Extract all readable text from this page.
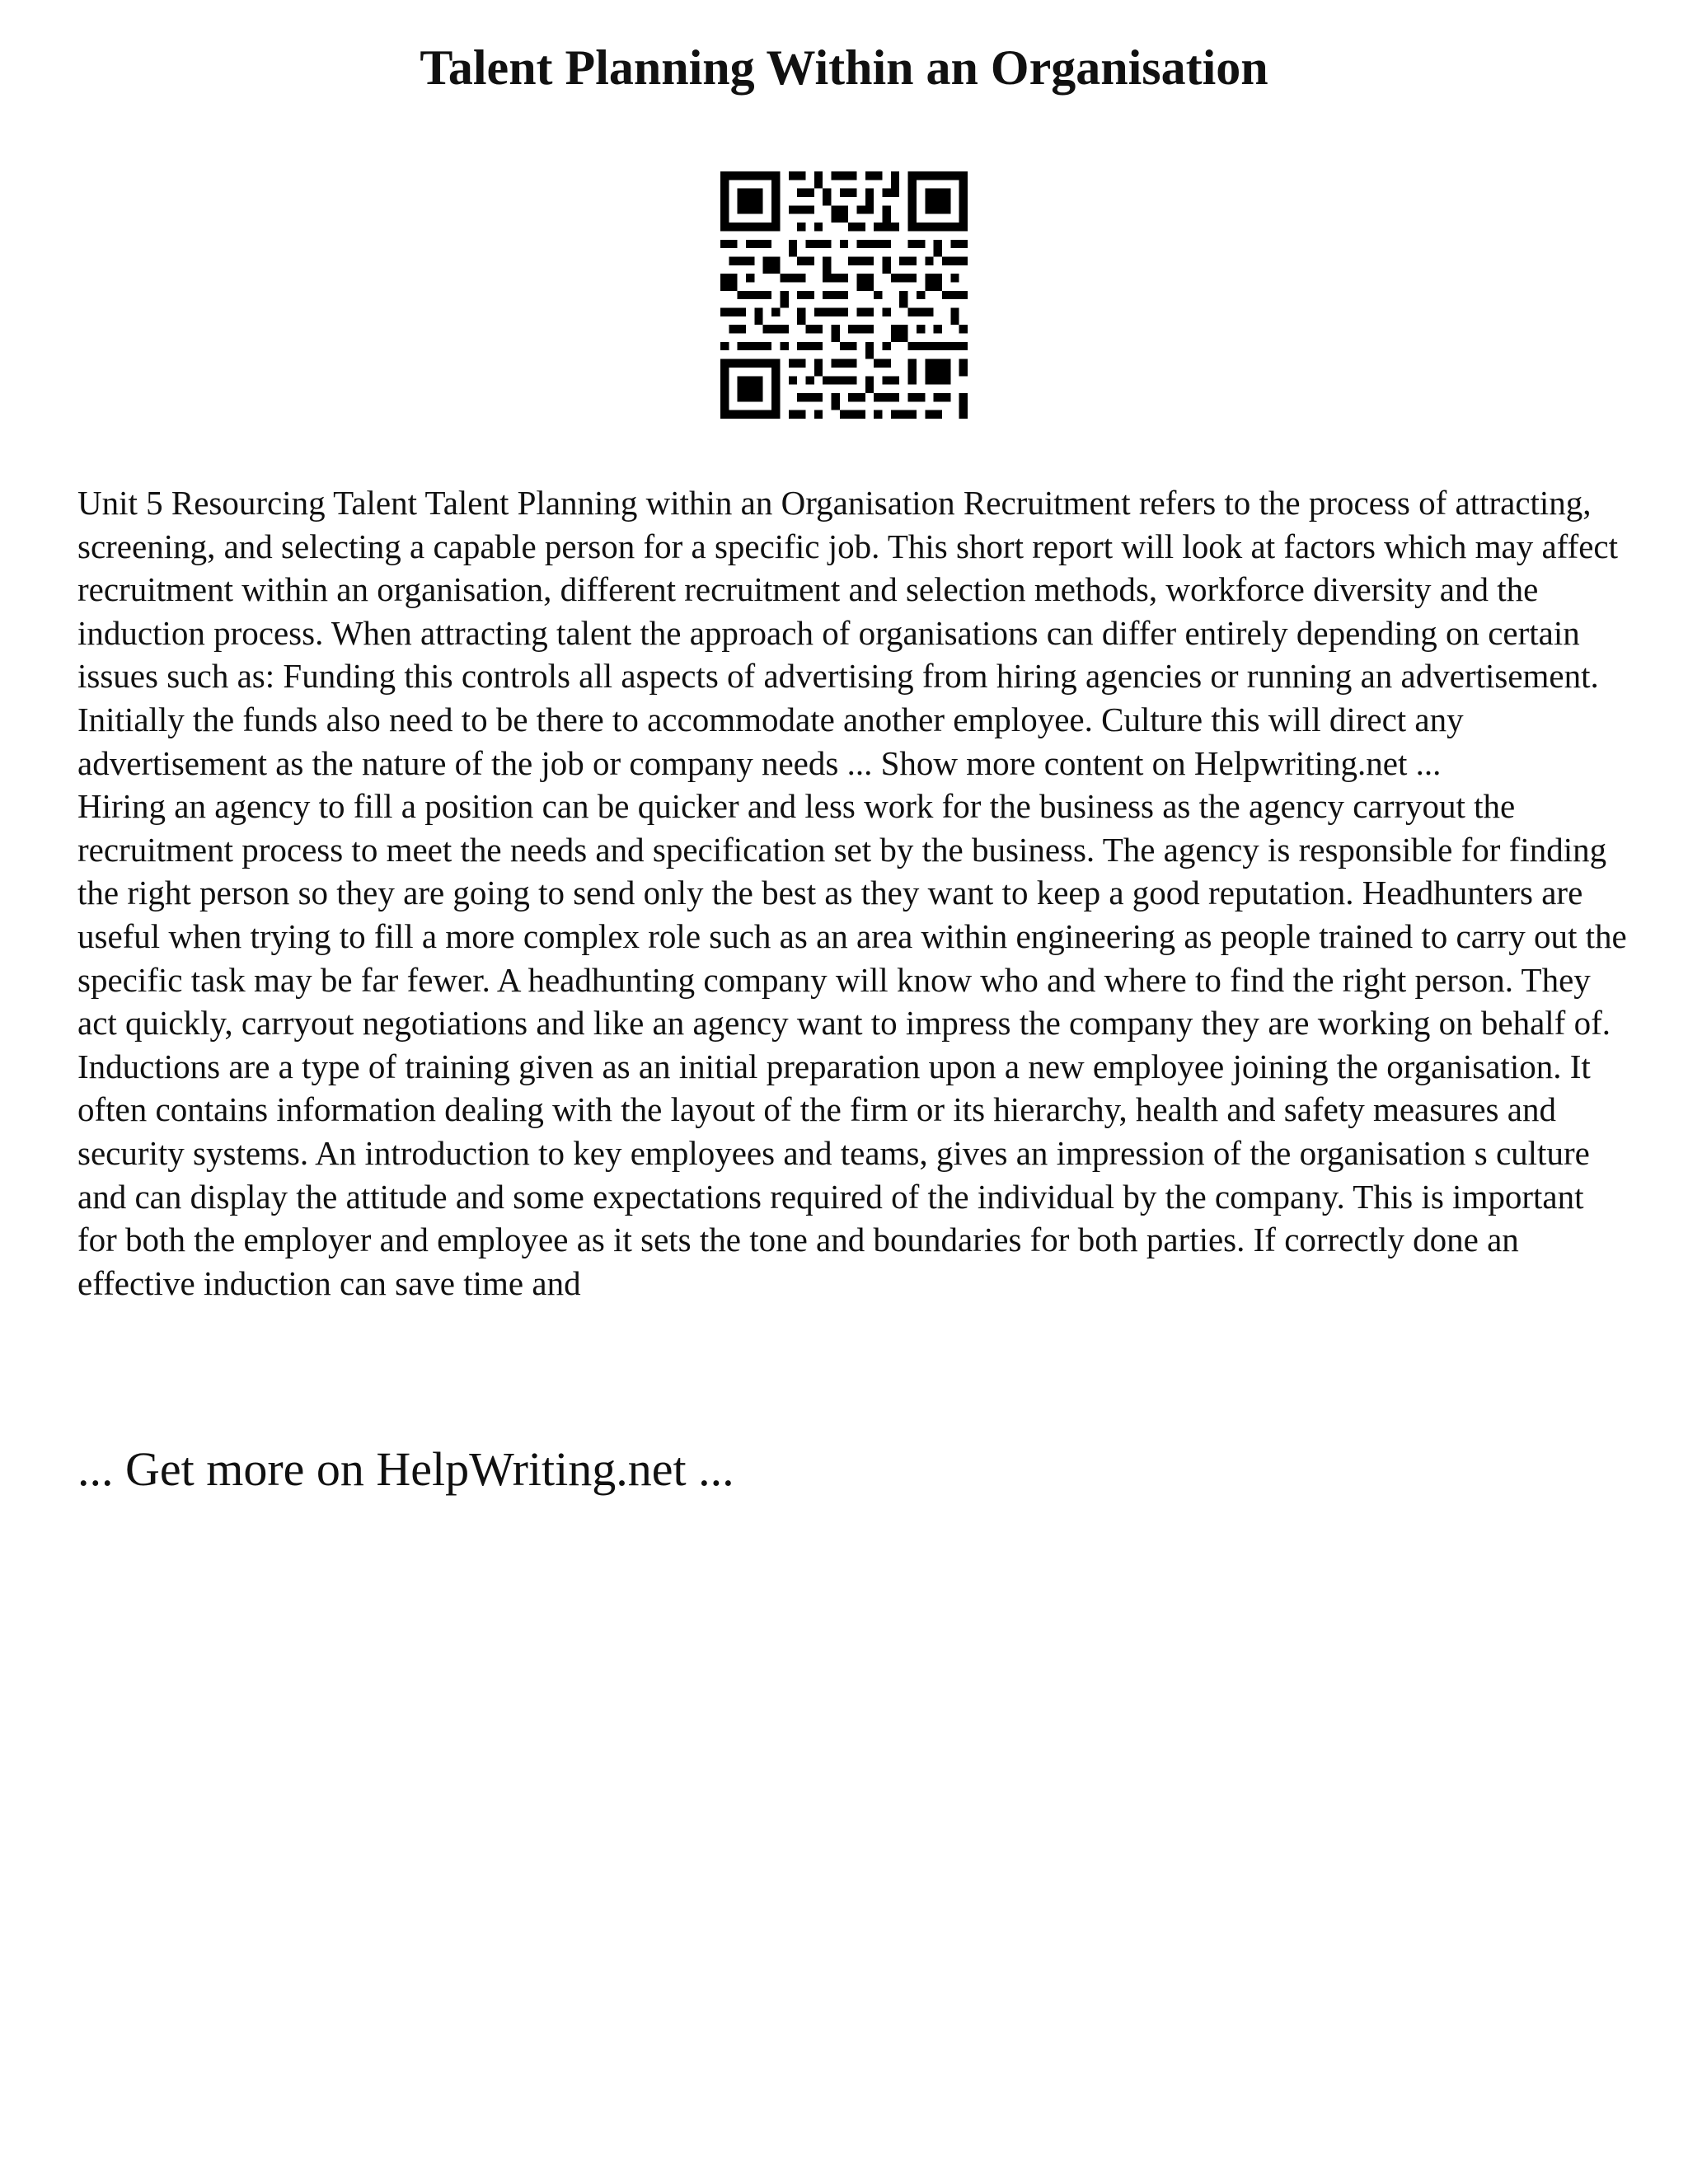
Talent Planning Within an Organisation

Unit 5 Resourcing Talent Talent Planning within an Organisation Recruitment refers to the process of attracting, screening, and selecting a capable person for a specific job. This short report will look at factors which may affect recruitment within an organisation, different recruitment and selection methods, workforce diversity and the induction process. When attracting talent the approach of organisations can differ entirely depending on certain issues such as: Funding this controls all aspects of advertising from hiring agencies or running an advertisement. Initially the funds also need to be there to accommodate another employee. Culture this will direct any advertisement as the nature of the job or company needs ... Show more content on Helpwriting.net ...

Hiring an agency to fill a position can be quicker and less work for the business as the agency carryout the recruitment process to meet the needs and specification set by the business. The agency is responsible for finding the right person so they are going to send only the best as they want to keep a good reputation. Headhunters are useful when trying to fill a more complex role such as an area within engineering as people trained to carry out the specific task may be far fewer. A headhunting company will know who and where to find the right person. They act quickly, carryout negotiations and like an agency want to impress the company they are working on behalf of. Inductions are a type of training given as an initial preparation upon a new employee joining the organisation. It often contains information dealing with the layout of the firm or its hierarchy, health and safety measures and security systems. An introduction to key employees and teams, gives an impression of the organisation s culture and can display the attitude and some expectations required of the individual by the company. This is important for both the employer and employee as it sets the tone and boundaries for both parties. If correctly done an effective induction can save time and

... Get more on HelpWriting.net ...
